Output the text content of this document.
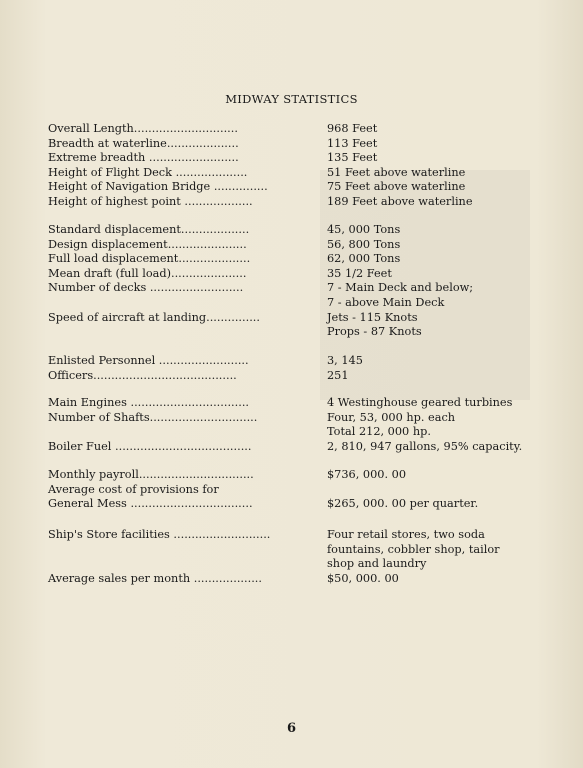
MIDWAY STATISTICS
Overall Length.............................	968 Feet
Breadth at waterline....................	113 Feet
Extreme breadth .........................	135 Feet
Height of Flight Deck ....................	51 Feet above waterline
Height of Navigation Bridge ...............	75 Feet above waterline
Height of highest point ...................	189 Feet above waterline
Standard displacement...................	45, 000 Tons
Design displacement......................	56, 800 Tons
Full load displacement....................	62, 000 Tons
Mean draft (full load).....................	35 1/2 Feet
Number of decks ..........................	7 - Main Deck and below;
7 - above Main Deck
Speed of aircraft at landing...............	Jets - 115 Knots
Props - 87 Knots
Enlisted Personnel .........................	3, 145
Officers........................................	251
Main Engines .................................	4 Westinghouse geared turbines
Number of Shafts..............................	Four, 53, 000 hp. each
Total 212, 000 hp.
Boiler Fuel ......................................	2, 810, 947 gallons, 95% capacity.
Monthly payroll................................	$736, 000. 00
Average cost of provisions for
General Mess ..................................	$265, 000. 00 per quarter.
Ship's Store facilities ...........................	Four retail stores, two soda
fountains, cobbler shop, tailor
shop and laundry
Average sales per month ...................	$50, 000. 00
6
